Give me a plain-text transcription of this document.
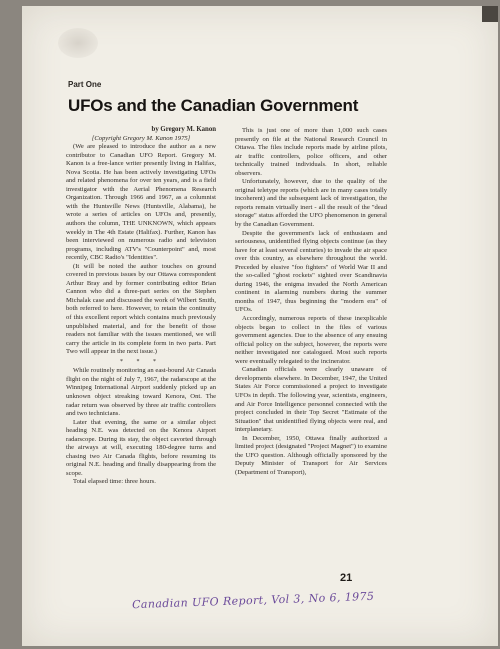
Part One
UFOs and the Canadian Government

by Gregory M. Kanon

[Copyright Gregory M. Kanon 1975]

(We are pleased to introduce the author as a new contributor to Canadian UFO Report. Gregory M. Kanon is a free-lance writer presently living in Halifax, Nova Scotia. He has been actively investigating UFOs and related phenomena for over ten years, and is a field investigator with the Aerial Phenomena Research Organization. Through 1966 and 1967, as a columnist with the Huntsville News (Huntsville, Alabama), he wrote a series of articles on UFOs and, presently, authors the column, THE UNKNOWN, which appears weekly in The 4th Estate (Halifax). Further, Kanon has been interviewed on numerous radio and television programs, including ATV's "Counterpoint" and, most recently, CBC Radio's "Identities".

(It will be noted the author touches on ground covered in previous issues by our Ottawa correspondent Arthur Bray and by former contributing editor Brian Cannon who did a three-part series on the Stephen Michalak case and discussed the work of Wilbert Smith, both referred to here. However, to retain the continuity of this excellent report which contains much previously unpublished material, and for the benefit of those readers not familiar with the issues mentioned, we will carry the article in its complete form in two parts. Part Two will appear in the next issue.)

* * *

While routinely monitoring an east-bound Air Canada flight on the night of July 7, 1967, the radarscope at the Winnipeg International Airport suddenly picked up an unknown object streaking toward Kenora, Ont. The radar return was observed by three air traffic controllers and two technicians.

Later that evening, the same or a similar object heading N.E. was detected on the Kenora Airport radarscope. During its stay, the object cavorted through the airways at will, executing 180-degree turns and chasing two Air Canada flights, before resuming its original N.E. heading and finally disappearing from the scope.

Total elapsed time: three hours.

This is just one of more than 1,000 such cases presently on file at the National Research Council in Ottawa. The files include reports made by airline pilots, air traffic controllers, police officers, and other technically trained individuals. In short, reliable observers.

Unfortunately, however, due to the quality of the original teletype reports (which are in many cases totally incoherent) and the subsequent lack of investigation, the reports remain virtually inert - all the result of the "dead storage" status afforded the UFO phenomenon in general by the Canadian Government.

Despite the government's lack of enthusiasm and seriousness, unidentified flying objects continue (as they have for at least several centuries) to invade the air space over this country, as elsewhere throughout the world. Preceded by elusive "foo fighters" of World War II and the so-called "ghost rockets" sighted over Scandinavia during 1946, the enigma invaded the North American continent in alarming numbers during the summer months of 1947, thus beginning the "modern era" of UFOs.

Accordingly, numerous reports of these inexplicable objects began to collect in the files of various government agencies. Due to the absence of any ensuing official policy on the subject, however, the reports were neither investigated nor catalogued. Most such reports were eventually relegated to the incinerator.

Canadian officials were clearly unaware of developments elsewhere. In December, 1947, the United States Air Force commissioned a project to investigate UFOs in depth. The following year, scientists, engineers, and Air Force Intelligence personnel connected with the project concluded in their Top Secret "Estimate of the Situation" that unidentified flying objects were real, and interplanetary.

In December, 1950, Ottawa finally authorized a limited project (designated "Project Magnet") to examine the UFO question. Although officially sponsored by the Deputy Minister of Transport for Air Services (Department of Transport),

21
Canadian UFO Report, Vol 3, No 6, 1975
